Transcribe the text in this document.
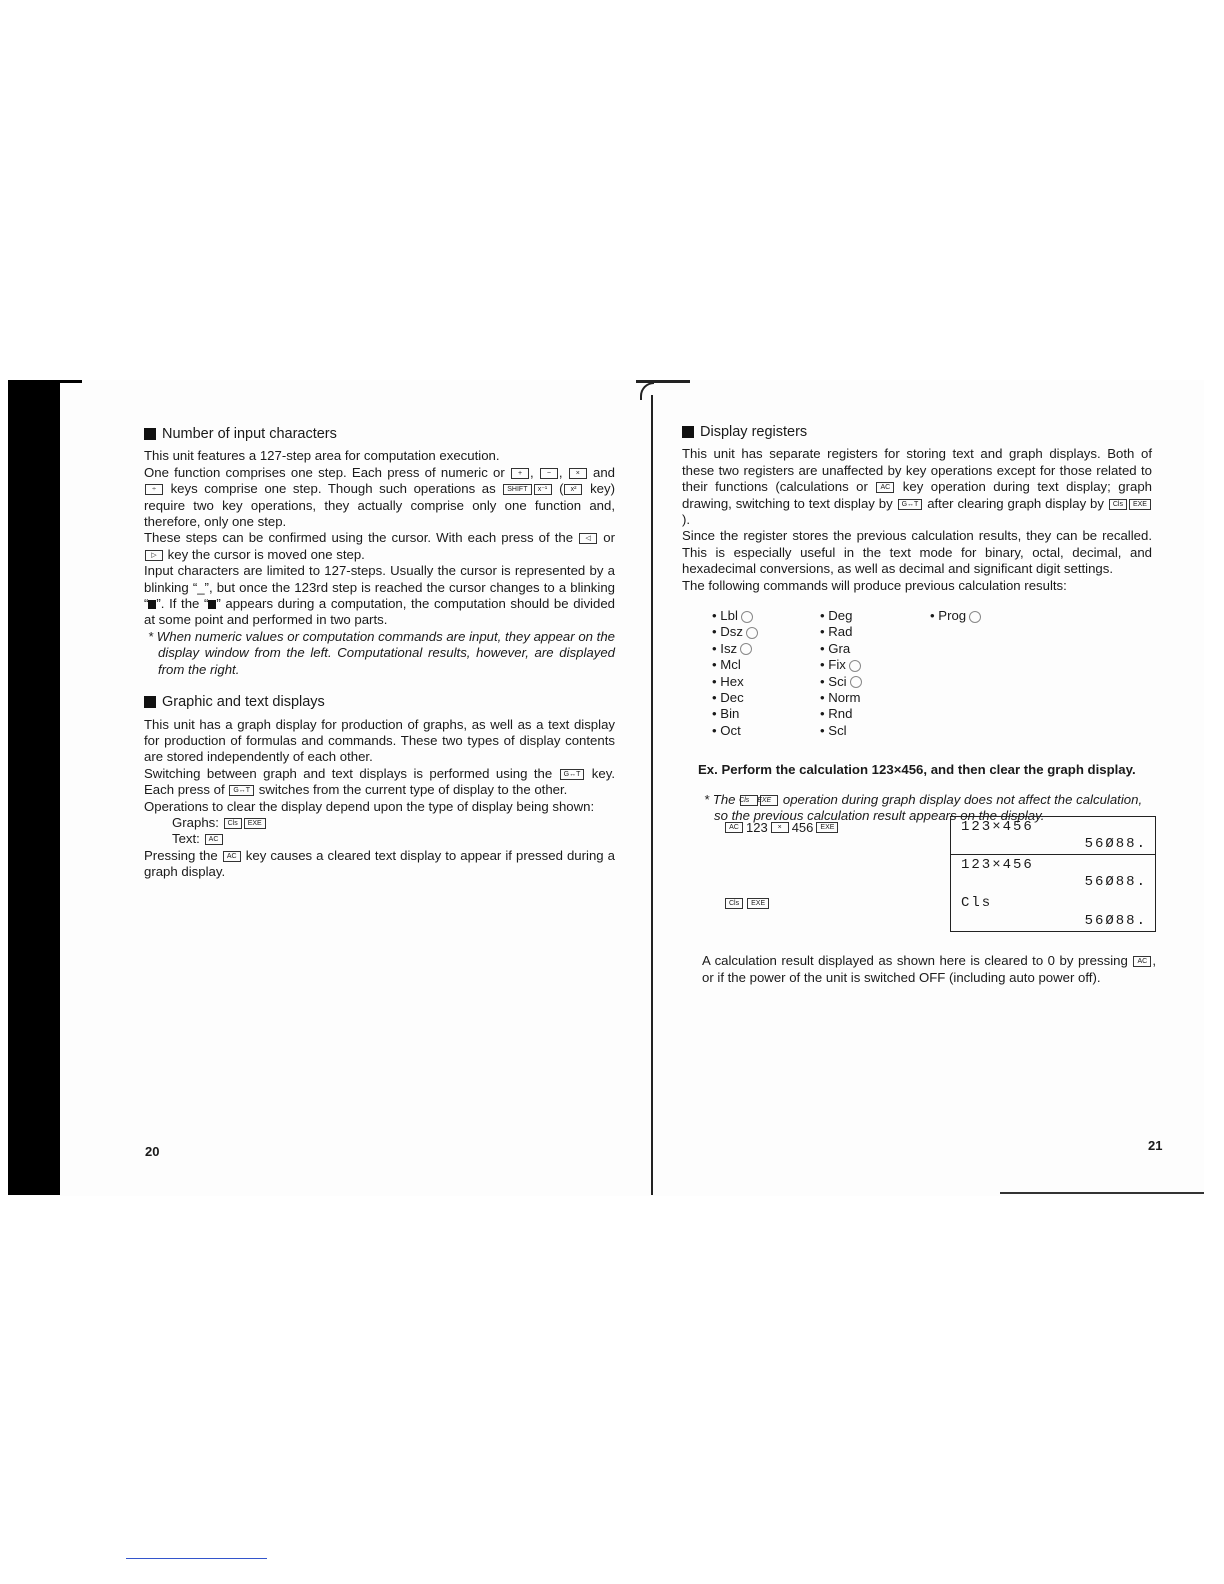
Number of input characters

This unit features a 127-step area for computation execution.

One function comprises one step. Each press of numeric or + , − , × and ÷ keys comprise one step. Though such operations as SHIFT x⁻¹ ( x² key) require two key operations, they actually comprise only one function and, therefore, only one step.

These steps can be confirmed using the cursor. With each press of the ◁ or ▷ key the cursor is moved one step.

Input characters are limited to 127-steps. Usually the cursor is represented by a blinking “_”, but once the 123rd step is reached the cursor changes to a blinking “ ”. If the “ ” appears during a computation, the computation should be divided at some point and performed in two parts.

* When numeric values or computation commands are input, they appear on the display window from the left. Computational results, however, are displayed from the right.

Graphic and text displays

This unit has a graph display for production of graphs, as well as a text display for production of formulas and commands. These two types of display contents are stored independently of each other.

Switching between graph and text displays is performed using the G↔T key. Each press of G↔T switches from the current type of display to the other.

Operations to clear the display depend upon the type of display being shown:

Graphs: Cls EXE

Text: AC

Pressing the AC key causes a cleared text display to appear if pressed during a graph display.

20
Display registers

This unit has separate registers for storing text and graph displays. Both of these two registers are unaffected by key operations except for those related to their functions (calculations or AC key operation during text display; graph drawing, switching to text display by G↔T after clearing graph display by Cls EXE).

Since the register stores the previous calculation results, they can be recalled. This is especially useful in the text mode for binary, octal, decimal, and hexadecimal conversions, as well as decimal and significant digit settings.

The following commands will produce previous calculation results:

• Lbl
• Dsz
• Isz
• Mcl
• Hex
• Dec
• Bin
• Oct
• Deg
• Rad
• Gra
• Fix
• Sci
• Norm
• Rnd
• Scl
• Prog
Ex. Perform the calculation 123×456, and then clear the graph display.

* The Cls EXE operation during graph display does not affect the calculation, so the previous calculation result appears on the display.

AC 123	× 456	EXE
Cls	EXE
123×456
56Ø88.
123×456
56Ø88.
Cls
56Ø88.
A calculation result displayed as shown here is cleared to 0 by pressing AC , or if the power of the unit is switched OFF (including auto power off).
21
